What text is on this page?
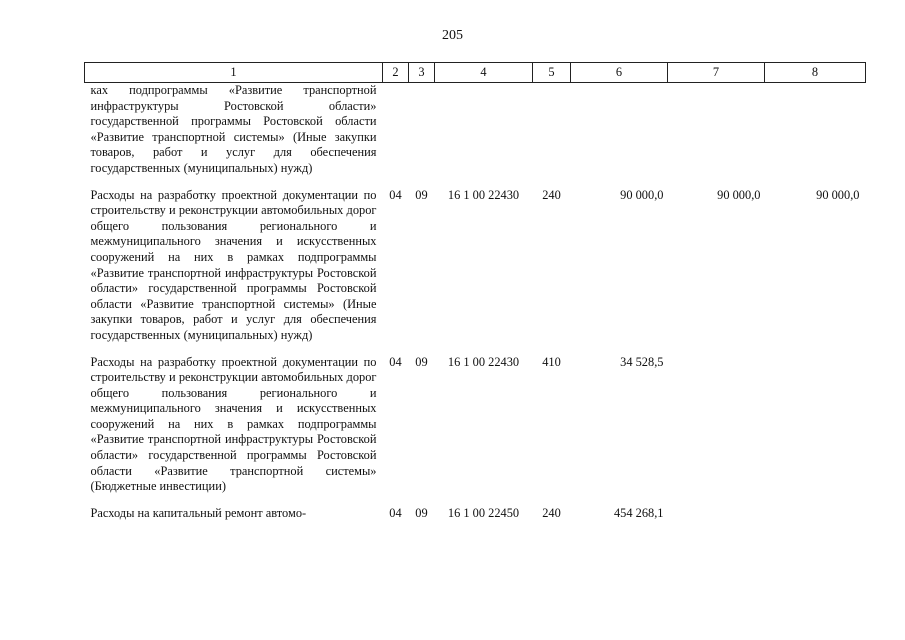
205
1	2	3	4	5	6	7	8
ках подпрограммы «Развитие транспортной инфраструктуры Ростовской области» государственной программы Ростовской области «Развитие транспортной системы» (Иные закупки товаров, работ и услуг для обеспечения государственных (муниципальных) нужд)							
Расходы на разработку проектной документации по строительству и реконструкции автомобильных дорог общего пользования регионального и межмуниципального значения и искусственных сооружений на них в рамках подпрограммы «Развитие транспортной инфраструктуры Ростовской области» государственной программы Ростовской области «Развитие транспортной системы» (Иные закупки товаров, работ и услуг для обеспечения государственных (муниципальных) нужд)	04	09	16 1 00 22430	240	90 000,0	90 000,0	90 000,0
Расходы на разработку проектной документации по строительству и реконструкции автомобильных дорог общего пользования регионального и межмуниципального значения и искусственных сооружений на них в рамках подпрограммы «Развитие транспортной инфраструктуры Ростовской области» государственной программы Ростовской области «Развитие транспортной системы» (Бюджетные инвестиции)	04	09	16 1 00 22430	410	34 528,5		
Расходы на капитальный ремонт автомо-	04	09	16 1 00 22450	240	454 268,1		
